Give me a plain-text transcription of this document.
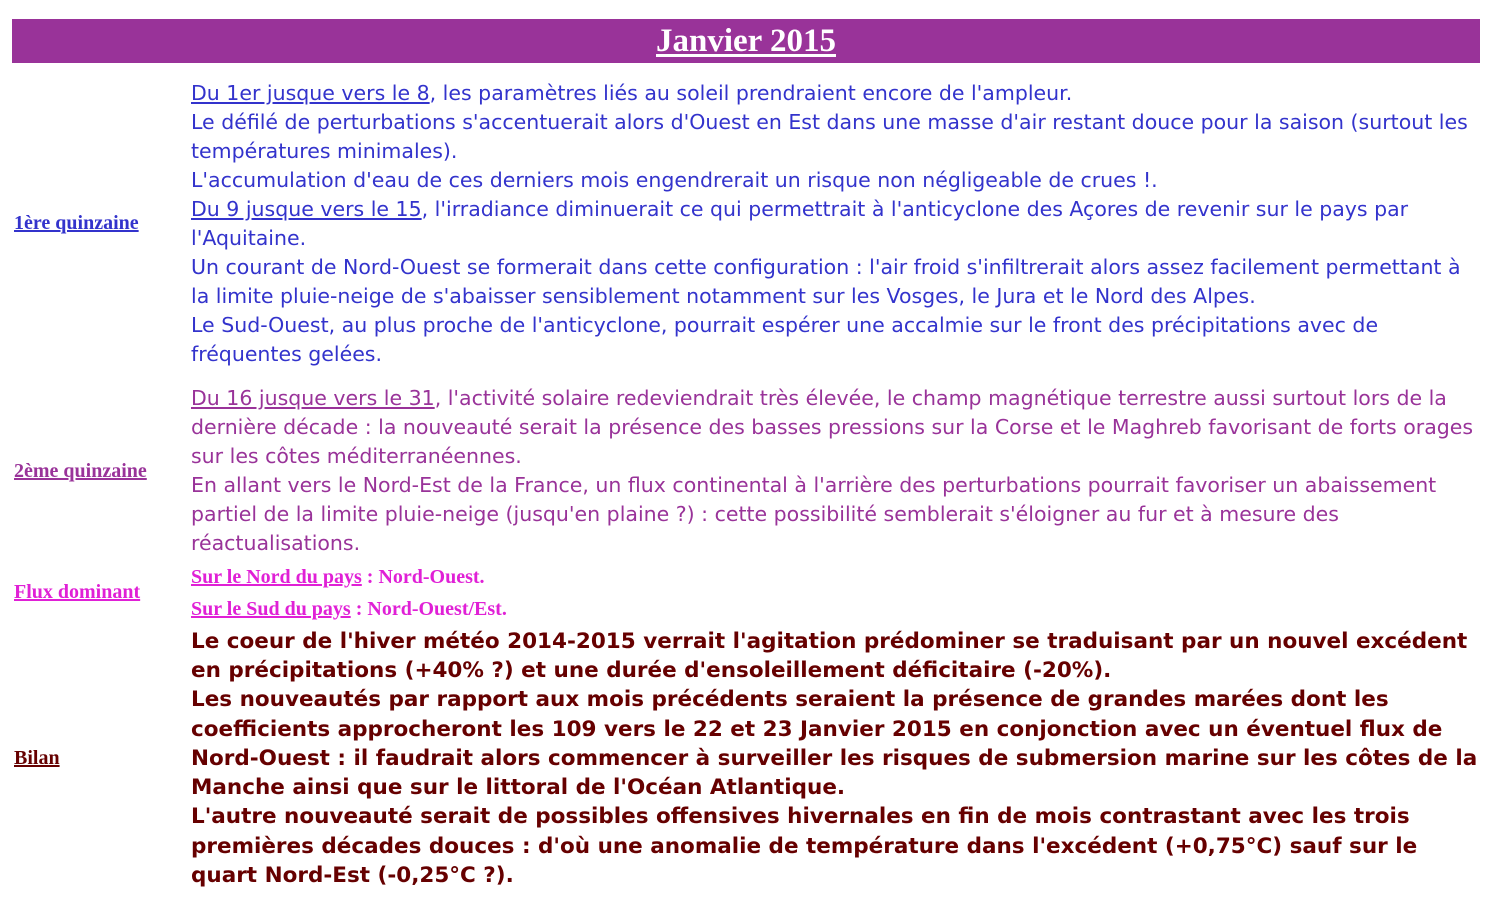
Janvier 2015
1ère quinzaine

Du 1er jusque vers le 8, les paramètres liés au soleil prendraient encore de l'ampleur.

Le défilé de perturbations s'accentuerait alors d'Ouest en Est dans une masse d'air restant douce pour la saison (surtout les températures minimales).

L'accumulation d'eau de ces derniers mois engendrerait un risque non négligeable de crues !.

Du 9 jusque vers le 15, l'irradiance diminuerait ce qui permettrait à l'anticyclone des Açores de revenir sur le pays par l'Aquitaine.

Un courant de Nord-Ouest se formerait dans cette configuration : l'air froid s'infiltrerait alors assez facilement permettant à la limite pluie-neige de s'abaisser sensiblement notamment sur les Vosges, le Jura et le Nord des Alpes.

Le Sud-Ouest, au plus proche de l'anticyclone, pourrait espérer une accalmie sur le front des précipitations avec de fréquentes gelées.

2ème quinzaine

Du 16 jusque vers le 31, l'activité solaire redeviendrait très élevée, le champ magnétique terrestre aussi surtout lors de la dernière décade : la nouveauté serait la présence des basses pressions sur la Corse et le Maghreb favorisant de forts orages sur les côtes méditerranéennes.

En allant vers le Nord-Est de la France, un flux continental à l'arrière des perturbations pourrait favoriser un abaissement partiel de la limite pluie-neige (jusqu'en plaine ?) : cette possibilité semblerait s'éloigner au fur et à mesure des réactualisations.

Flux dominant

Sur le Nord du pays : Nord-Ouest.

Sur le Sud du pays : Nord-Ouest/Est.

Bilan

Le coeur de l'hiver météo 2014-2015 verrait l'agitation prédominer se traduisant par un nouvel excédent en précipitations (+40% ?) et une durée d'ensoleillement déficitaire (-20%).

Les nouveautés par rapport aux mois précédents seraient la présence de grandes marées dont les coefficients approcheront les 109 vers le 22 et 23 Janvier 2015 en conjonction avec un éventuel flux de Nord-Ouest : il faudrait alors commencer à surveiller les risques de submersion marine sur les côtes de la Manche ainsi que sur le littoral de l'Océan Atlantique.

L'autre nouveauté serait de possibles offensives hivernales en fin de mois contrastant avec les trois premières décades douces : d'où une anomalie de température dans l'excédent (+0,75°C) sauf sur le quart Nord-Est (-0,25°C ?).
